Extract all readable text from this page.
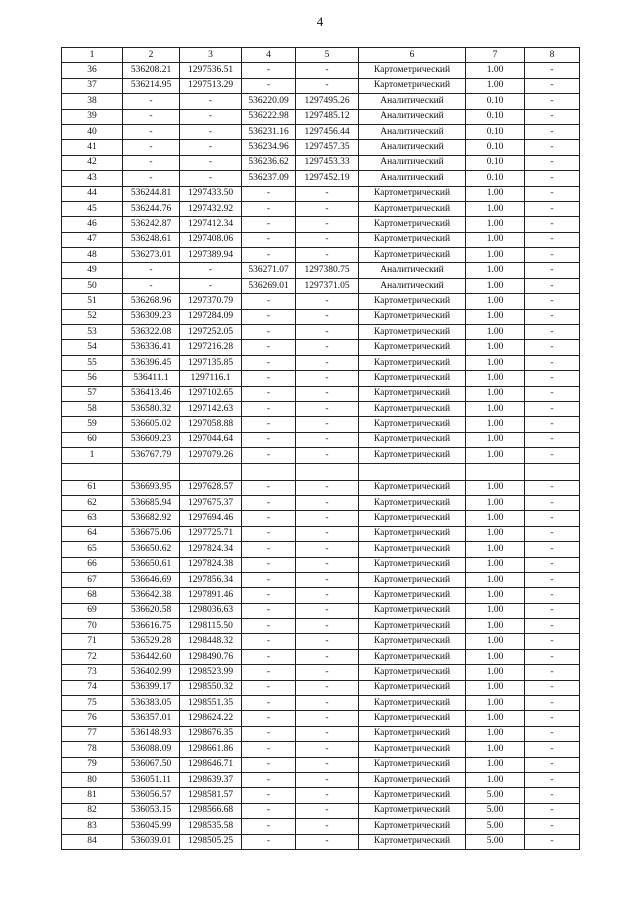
4
1	2	3	4	5	6	7	8
36	536208.21	1297536.51	-	-	Картометрический	1.00	-
37	536214.95	1297513.29	-	-	Картометрический	1.00	-
38	-	-	536220.09	1297495.26	Аналитический	0.10	-
39	-	-	536222.98	1297485.12	Аналитический	0.10	-
40	-	-	536231.16	1297456.44	Аналитический	0.10	-
41	-	-	536234.96	1297457.35	Аналитический	0.10	-
42	-	-	536236.62	1297453.33	Аналитический	0.10	-
43	-	-	536237.09	1297452.19	Аналитический	0.10	-
44	536244.81	1297433.50	-	-	Картометрический	1.00	-
45	536244.76	1297432.92	-	-	Картометрический	1.00	-
46	536242.87	1297412.34	-	-	Картометрический	1.00	-
47	536248.61	1297408.06	-	-	Картометрический	1.00	-
48	536273.01	1297389.94	-	-	Картометрический	1.00	-
49	-	-	536271.07	1297380.75	Аналитический	1.00	-
50	-	-	536269.01	1297371.05	Аналитический	1.00	-
51	536268.96	1297370.79	-	-	Картометрический	1.00	-
52	536309.23	1297284.09	-	-	Картометрический	1.00	-
53	536322.08	1297252.05	-	-	Картометрический	1.00	-
54	536336.41	1297216.28	-	-	Картометрический	1.00	-
55	536396.45	1297135.85	-	-	Картометрический	1.00	-
56	536411.1	1297116.1	-	-	Картометрический	1.00	-
57	536413.46	1297102.65	-	-	Картометрический	1.00	-
58	536580.32	1297142.63	-	-	Картометрический	1.00	-
59	536605.02	1297058.88	-	-	Картометрический	1.00	-
60	536609.23	1297044.64	-	-	Картометрический	1.00	-
1	536767.79	1297079.26	-	-	Картометрический	1.00	-

61	536693.95	1297628.57	-	-	Картометрический	1.00	-
62	536685.94	1297675.37	-	-	Картометрический	1.00	-
63	536682.92	1297694.46	-	-	Картометрический	1.00	-
64	536675.06	1297725.71	-	-	Картометрический	1.00	-
65	536650.62	1297824.34	-	-	Картометрический	1.00	-
66	536650.61	1297824.38	-	-	Картометрический	1.00	-
67	536646.69	1297856.34	-	-	Картометрический	1.00	-
68	536642.38	1297891.46	-	-	Картометрический	1.00	-
69	536620.58	1298036.63	-	-	Картометрический	1.00	-
70	536616.75	1298115.50	-	-	Картометрический	1.00	-
71	536529.28	1298448.32	-	-	Картометрический	1.00	-
72	536442.60	1298490.76	-	-	Картометрический	1.00	-
73	536402.99	1298523.99	-	-	Картометрический	1.00	-
74	536399.17	1298550.32	-	-	Картометрический	1.00	-
75	536383.05	1298551.35	-	-	Картометрический	1.00	-
76	536357.01	1298624.22	-	-	Картометрический	1.00	-
77	536148.93	1298676.35	-	-	Картометрический	1.00	-
78	536088.09	1298661.86	-	-	Картометрический	1.00	-
79	536067.50	1298646.71	-	-	Картометрический	1.00	-
80	536051.11	1298639.37	-	-	Картометрический	1.00	-
81	536056.57	1298581.57	-	-	Картометрический	5.00	-
82	536053.15	1298566.68	-	-	Картометрический	5.00	-
83	536045.99	1298535.58	-	-	Картометрический	5.00	-
84	536039.01	1298505.25	-	-	Картометрический	5.00	-
